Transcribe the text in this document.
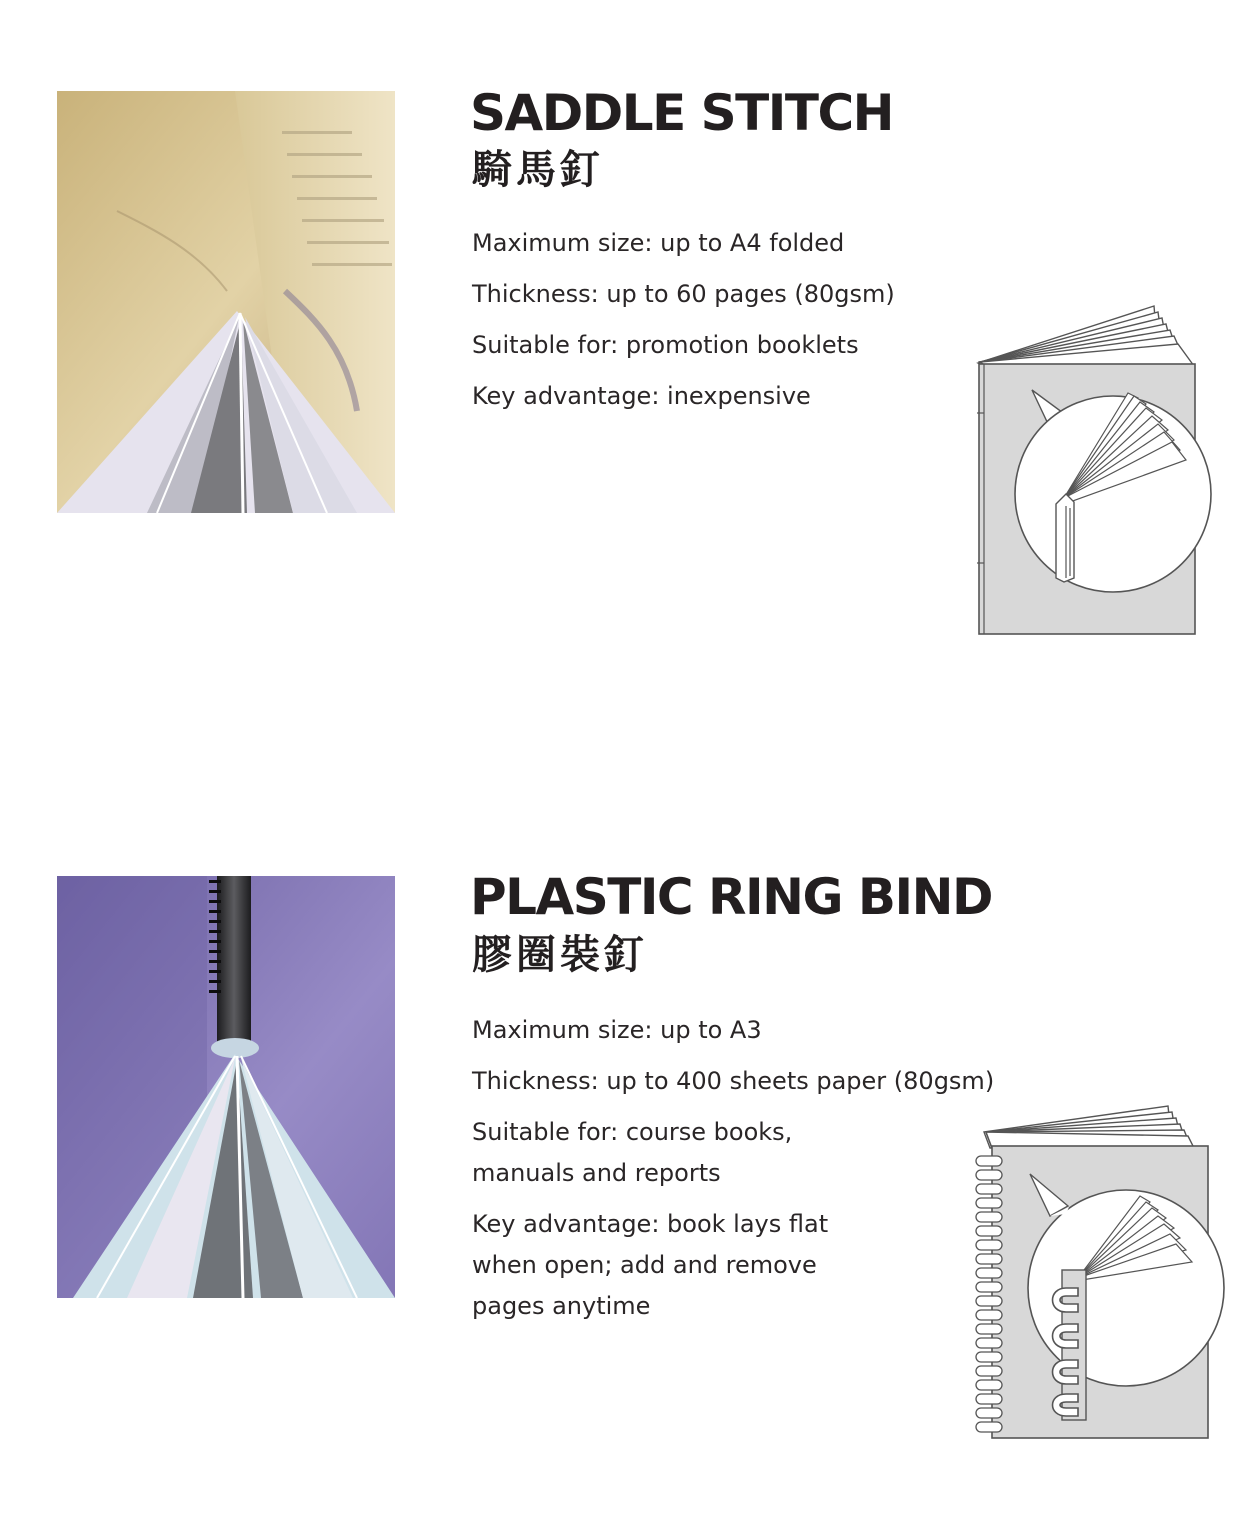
SADDLE STITCH
騎馬釘
Maximum size: up to A4 folded
Thickness: up to 60 pages (80gsm)
Suitable for: promotion booklets
Key advantage: inexpensive
PLASTIC RING BIND
膠圈裝釘
Maximum size: up to A3
Thickness: up to 400 sheets paper (80gsm)
Suitable for: course books, manuals and reports
Key advantage: book lays flat when open; add and remove pages anytime
